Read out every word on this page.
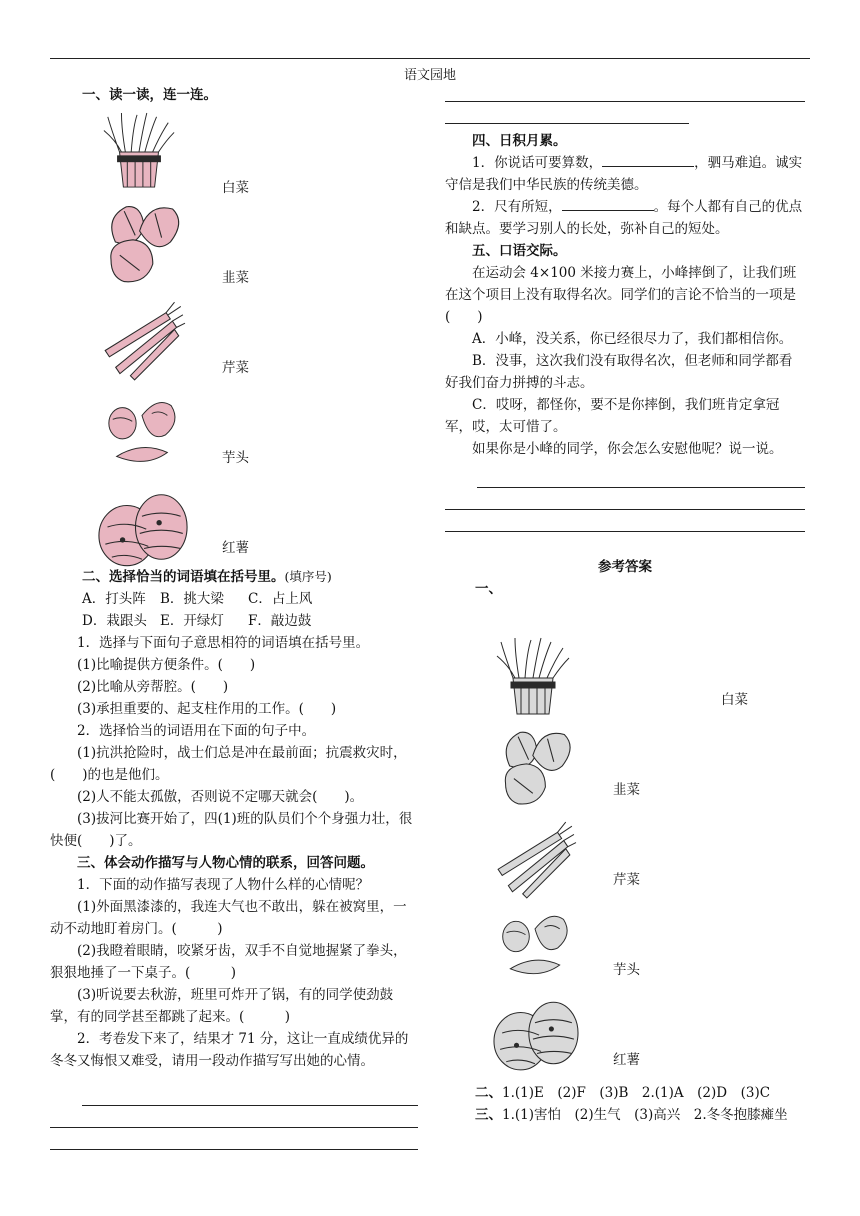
语文园地

一、读一读，连一连。

白菜
韭菜
芹菜
芋头
红薯

二、选择恰当的词语填在括号里。(填序号)

A．打头阵 B．挑大梁 C．占上风

D．栽跟头 E．开绿灯 F．敲边鼓

1．选择与下面句子意思相符的词语填在括号里。

(1)比喻提供方便条件。(　　)

(2)比喻从旁帮腔。(　　)

(3)承担重要的、起支柱作用的工作。(　　)

2．选择恰当的词语用在下面的句子中。

(1)抗洪抢险时，战士们总是冲在最前面；抗震救灾时，(　　)的也是他们。

(2)人不能太孤傲，否则说不定哪天就会(　　)。

(3)拔河比赛开始了，四(1)班的队员们个个身强力壮，很快便(　　)了。

三、体会动作描写与人物心情的联系，回答问题。

1．下面的动作描写表现了人物什么样的心情呢？

(1)外面黑漆漆的，我连大气也不敢出，躲在被窝里，一动不动地盯着房门。(　　　)

(2)我瞪着眼睛，咬紧牙齿，双手不自觉地握紧了拳头，狠狠地捶了一下桌子。(　　　)

(3)听说要去秋游，班里可炸开了锅，有的同学使劲鼓掌，有的同学甚至都跳了起来。(　　　)

2．考卷发下来了，结果才 71 分，这让一直成绩优异的冬冬又悔恨又难受，请用一段动作描写写出她的心情。

四、日积月累。

1．你说话可要算数，	，驷马难追。诚实守信是我们中华民族的传统美德。

2．尺有所短，	。每个人都有自己的优点和缺点。要学习别人的长处，弥补自己的短处。

五、口语交际。

在运动会 4×100 米接力赛上，小峰摔倒了，让我们班在这个项目上没有取得名次。同学们的言论不恰当的一项是(　　)

A．小峰，没关系，你已经很尽力了，我们都相信你。

B．没事，这次我们没有取得名次，但老师和同学都看好我们奋力拼搏的斗志。

C．哎呀，都怪你，要不是你摔倒，我们班肯定拿冠军，哎，太可惜了。

如果你是小峰的同学，你会怎么安慰他呢？说一说。

参考答案

一、

白菜
韭菜
芹菜
芋头
红薯

二、1.(1)E　(2)F　(3)B　2.(1)A　(2)D　(3)C

三、1.(1)害怕　(2)生气　(3)高兴　2.冬冬抱膝瘫坐
